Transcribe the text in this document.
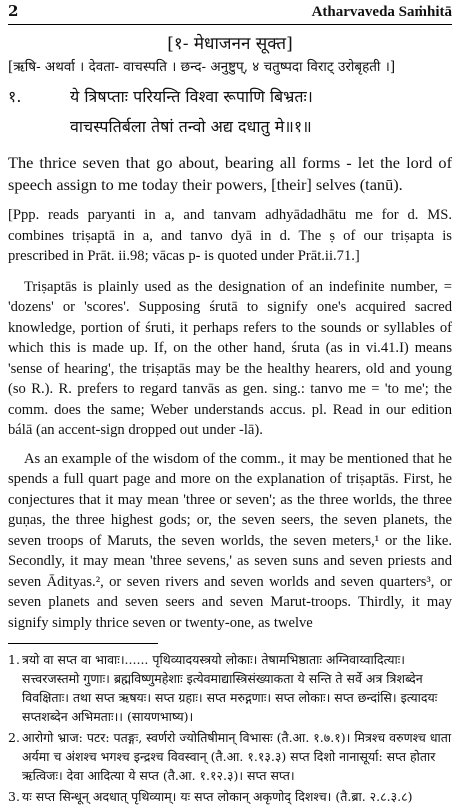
2	Atharvaveda Saṁhitā
[१- मेधाजनन सूक्त]

[ऋषि- अथर्वा । देवता- वाचस्पति । छन्द- अनुष्टुप्, ४ चतुष्पदा विराट् उरोबृहती ।]

१.	ये त्रिषप्ताः परियन्ति विश्वा रूपाणि बिभ्रतः।
वाचस्पतिर्बला तेषां तन्वो अद्य दधातु मे॥१॥

The thrice seven that go about, bearing all forms - let the lord of speech assign to me today their powers, [their] selves (tanū).

[Ppp. reads paryanti in a, and tanvam adhyādadhātu me for d. MS. combines triṣaptā in a, and tanvo dyā in d. The ṣ of our triṣapta is prescribed in Prāt. ii.98; vācas p- is quoted under Prāt.ii.71.]

Triṣaptās is plainly used as the designation of an indefinite number, = 'dozens' or 'scores'. Supposing śrutā to signify one's acquired sacred knowledge, portion of śruti, it perhaps refers to the sounds or syllables of which this is made up. If, on the other hand, śruta (as in vi.41.I) means 'sense of hearing', the triṣaptās may be the healthy hearers, old and young (so R.). R. prefers to regard tanvās as gen. sing.: tanvo me = 'to me'; the comm. does the same; Weber understands accus. pl. Read in our edition bálā (an accent-sign dropped out under -lā).

As an example of the wisdom of the comm., it may be mentioned that he spends a full quart page and more on the explanation of triṣaptās. First, he conjectures that it may mean 'three or seven'; as the three worlds, the three guṇas, the three highest gods; or, the seven seers, the seven planets, the seven troops of Maruts, the seven worlds, the seven meters,¹ or the like. Secondly, it may mean 'three sevens,' as seven suns and seven priests and seven Ādityas.², or seven rivers and seven worlds and seven quarters³, or seven planets and seven seers and seven Marut-troops. Thirdly, it may signify simply thrice seven or twenty-one, as twelve

1. त्रयो वा सप्त वा भावाः।...... पृथिव्यादयस्त्रयो लोकाः। तेषामभिष्ठाताः अग्निवाय्वादित्याः। सत्त्वरजस्तमो गुणाः। ब्रह्मविष्णुमहेशाः इत्येवमाद्यास्त्रिसंख्याकता ये सन्ति ते सर्वे अत्र त्रिशब्देन विवक्षिताः। तथा सप्त ऋषयः। सप्त ग्रहाः। सप्त मरुद्गणाः। सप्त लोकाः। सप्त छन्दांसि। इत्यादयः सप्तशब्देन अभिमताः।। (सायणभाष्य)।
2. आरोगो भ्राज: पटर: पतङ्गः, स्वर्णरो ज्योतिषीमान् विभासः (तै.आ. १.७.१)। मित्रश्च वरुणश्च धाता अर्यमा च अंशश्च भगश्च इन्द्रश्च विवस्वान् (तै.आ. १.१३.३) सप्त दिशो नानासूर्या: सप्त होतार ऋत्विजः। देवा आदित्या ये सप्त (तै.आ. १.१२.३)। सप्त सप्त।
3. यः सप्त सिन्धून् अदधात् पृथिव्याम्। यः सप्त लोकान् अकृणोद् दिशश्च। (तै.ब्रा. २.८.३.८)
